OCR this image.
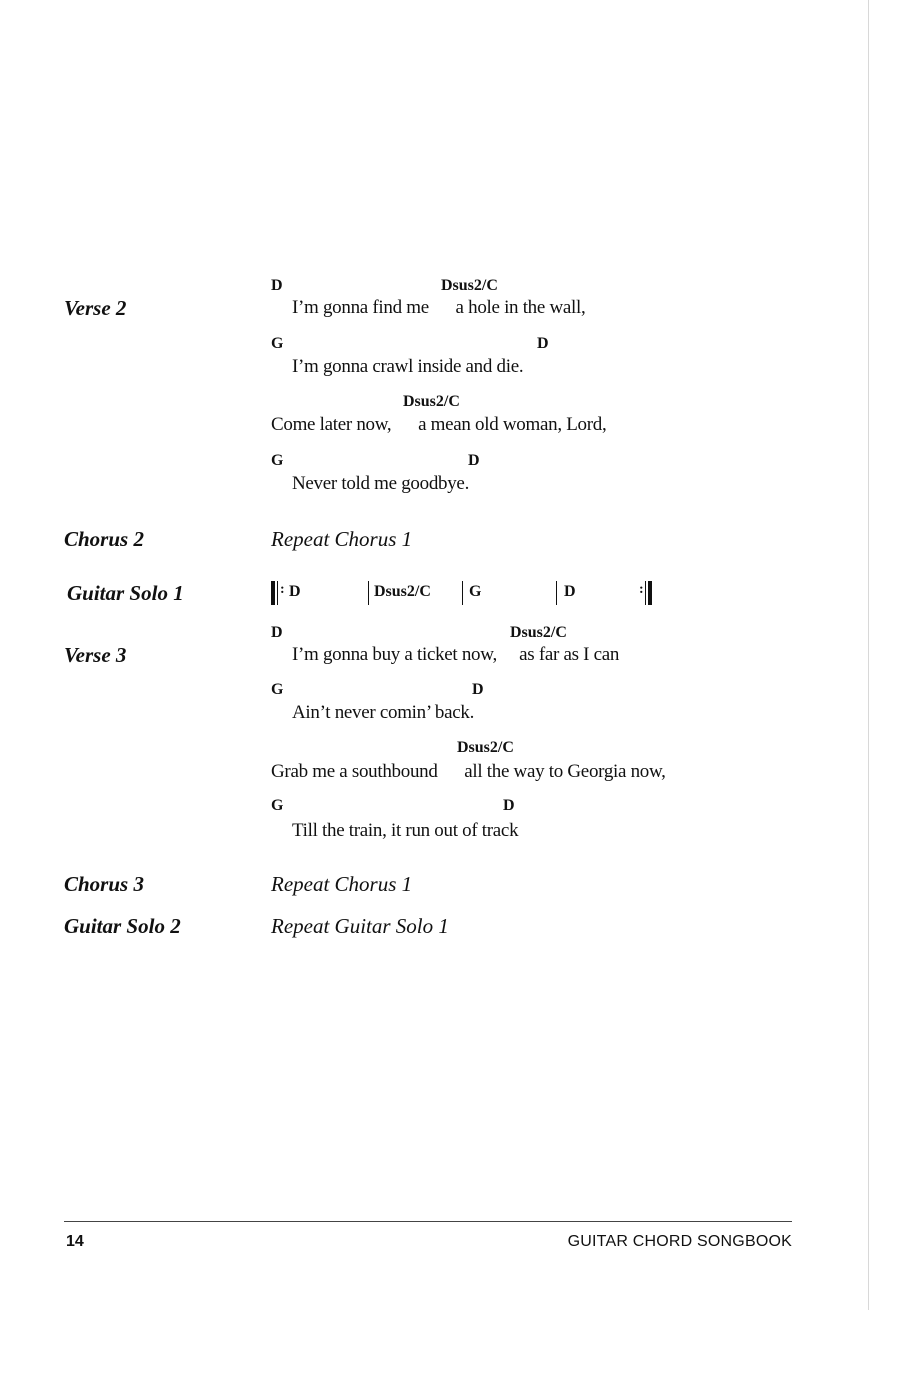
Verse 2
D	Dsus2/C
I’m gonna find me      a hole in the wall,
G	D
I’m gonna crawl inside and die.
Dsus2/C
Come later now,      a mean old woman, Lord,
G	D
Never told me goodbye.
Chorus 2	Repeat Chorus 1
Guitar Solo 1	: D	Dsus2/C G	D	:
Verse 3
D	Dsus2/C
I’m gonna buy a ticket now,     as far as I can
G	D
Ain’t never comin’ back.
Dsus2/C
Grab me a southbound      all the way to Georgia now,
G	D
Till the train, it run out of track
Chorus 3	Repeat Chorus 1
Guitar Solo 2	Repeat Guitar Solo 1
14	GUITAR CHORD SONGBOOK
